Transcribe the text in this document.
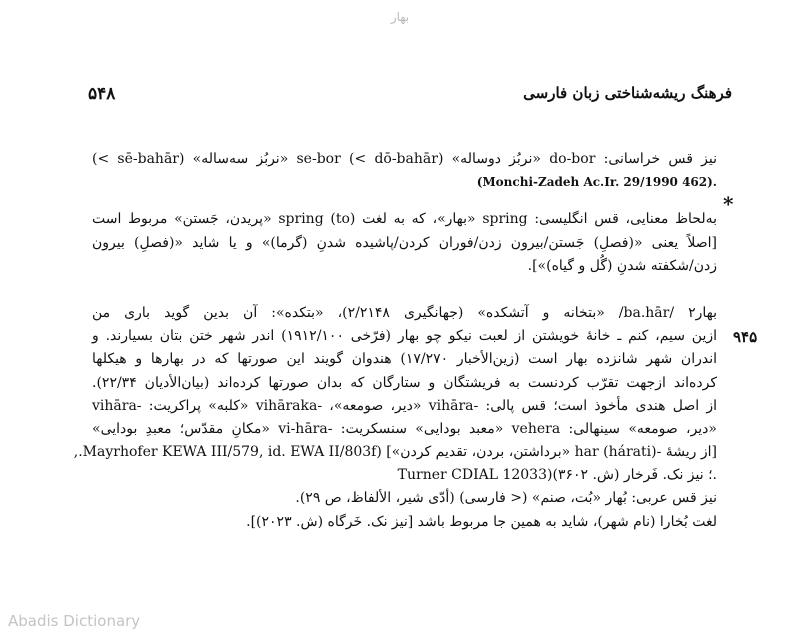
بهار
۵۴۸	فرهنگ ریشه‌شناختی زبان فارسی
*
۹۴۵
نیز قس خراسانی: do-bor «نربُز دوساله» (dō-bahār >) se-bor «نربُز سه‌ساله» (sē-bahār >)
(Monchi-Zadeh Ac.Ir. 29/1990 462).
به‌لحاظ معنایی، قس انگلیسی: spring «بهار»، که به لغت (to) spring «پریدن، جَستن» مربوط است
[اصلاً یعنی «(فصلِ) جَستن/بیرون زدن/فوران کردن/پاشیده شدنِ (گرما)» و یا شاید «(فصلِ) بیرون
زدن/شکفته شدنِ (گُل و گیاه)»].
بهار۲ /ba.hār/ «بتخانه و آتشکده» (جهانگیری ۲/۲۱۴۸)، «بتکده»: آن بدین گوید باری من
ازین سیم، کنم ـ خانهٔ خویشتن از لعبت نیکو چو بهار (فرّخی ۱۹۱۲/۱۰۰) اندر شهر ختن بتان بسیارند. و
اندران شهر شانزده بهار است (زین‌الأخبار ۱۷/۲۷۰) هندوان گویند این صورتها که در بهارها و هیکلها
کرده‌اند ازجهت تقرّب کردنست به فریشتگان و ستارگان که بدان صورتها کرده‌اند (بیان‌الأدیان ۲۲/۳۴).
از اصل هندی مأخوذ است؛ قس پالی: -vihāra «دیر، صومعه»، -vihāraka «کلبه» پراکریت: -vihāra
«دیر، صومعه» سینهالی: vehera «معبد بودایی» سنسکریت: -vi-hāra «مکانِ مقدّس؛ معبدِ بودایی»
[از ریشهٔ -har (hárati) «برداشتن، بردن، تقدیم کردن»] (Mayrhofer KEWA III/579, id. EWA II/803f.,
Turner CDIAL 12033)؛ نیز نک. فَرخار (ش. ۳۶۰۲).
نیز قس عربی: بُهار «بُت، صنم» (< فارسی) (أدّی شیر، الألفاظ، ص ۲۹).
لغت بُخارا (نام شهر)، شاید به همین جا مربوط باشد [نیز نک. خَرگاه (ش. ۲۰۲۳)].
Abadis Dictionary
